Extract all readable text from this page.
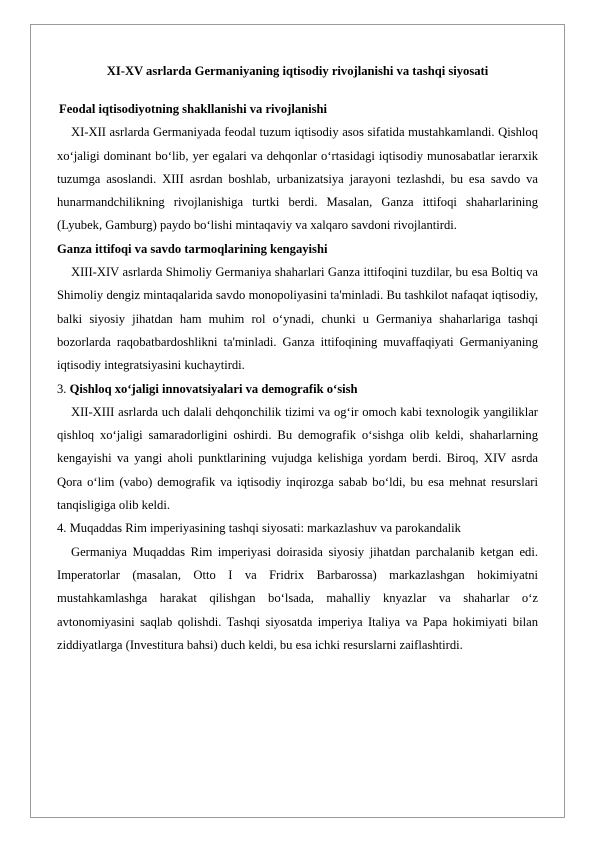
XI-XV asrlarda Germaniyaning iqtisodiy rivojlanishi va tashqi siyosati

Feodal iqtisodiyotning shakllanishi va rivojlanishi

XI-XII asrlarda Germaniyada feodal tuzum iqtisodiy asos sifatida mustahkamlandi. Qishloq xo‘jaligi dominant bo‘lib, yer egalari va dehqonlar o‘rtasidagi iqtisodiy munosabatlar ierarxik tuzumga asoslandi. XIII asrdan boshlab, urbanizatsiya jarayoni tezlashdi, bu esa savdo va hunarmandchilikning rivojlanishiga turtki berdi. Masalan, Ganza ittifoqi shaharlarining (Lyubek, Gamburg) paydo bo‘lishi mintaqaviy va xalqaro savdoni rivojlantirdi.

Ganza ittifoqi va savdo tarmoqlarining kengayishi

XIII-XIV asrlarda Shimoliy Germaniya shaharlari Ganza ittifoqini tuzdilar, bu esa Boltiq va Shimoliy dengiz mintaqalarida savdo monopoliyasini ta'minladi. Bu tashkilot nafaqat iqtisodiy, balki siyosiy jihatdan ham muhim rol o‘ynadi, chunki u Germaniya shaharlariga tashqi bozorlarda raqobatbardoshlikni ta'minladi. Ganza ittifoqining muvaffaqiyati Germaniyaning iqtisodiy integratsiyasini kuchaytirdi.

3. Qishloq xo‘jaligi innovatsiyalari va demografik o‘sish

XII-XIII asrlarda uch dalali dehqonchilik tizimi va og‘ir omoch kabi texnologik yangiliklar qishloq xo‘jaligi samaradorligini oshirdi. Bu demografik o‘sishga olib keldi, shaharlarning kengayishi va yangi aholi punktlarining vujudga kelishiga yordam berdi. Biroq, XIV asrda Qora o‘lim (vabo) demografik va iqtisodiy inqirozga sabab bo‘ldi, bu esa mehnat resurslari tanqisligiga olib keldi.

4. Muqaddas Rim imperiyasining tashqi siyosati: markazlashuv va parokandalik

Germaniya Muqaddas Rim imperiyasi doirasida siyosiy jihatdan parchalanib ketgan edi. Imperatorlar (masalan, Otto I va Fridrix Barbarossa) markazlashgan hokimiyatni mustahkamlashga harakat qilishgan bo‘lsada, mahalliy knyazlar va shaharlar o‘z avtonomiyasini saqlab qolishdi. Tashqi siyosatda imperiya Italiya va Papa hokimiyati bilan ziddiyatlarga (Investitura bahsi) duch keldi, bu esa ichki resurslarni zaiflashtirdi.
